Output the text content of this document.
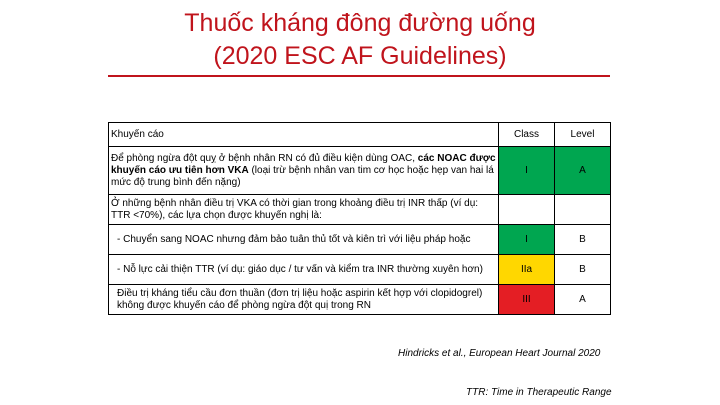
Thuốc kháng đông đường uống
(2020 ESC AF Guidelines)
Khuyến cáo	Class	Level
Để phòng ngừa đột quỵ ở bệnh nhân RN có đủ điều kiện dùng OAC, các NOAC được khuyến cáo ưu tiên hơn VKA (loại trừ bệnh nhân van tim cơ học hoặc hẹp van hai lá mức độ trung bình đến nặng)	I	A
Ở những bệnh nhân điều trị VKA có thời gian trong khoảng điều trị INR thấp (ví dụ: TTR <70%), các lựa chọn được khuyến nghị là:		
- Chuyển sang NOAC nhưng đảm bảo tuân thủ tốt và kiên trì với liệu pháp hoặc	I	B
- Nỗ lực cải thiện TTR (ví dụ: giáo dục / tư vấn và kiểm tra INR thường xuyên hơn)	IIa	B
Điều trị kháng tiểu cầu đơn thuần (đơn trị liệu hoặc aspirin kết hợp với clopidogrel) không được khuyến cáo để phòng ngừa đột quị trong RN	III	A
Hindricks et al., European Heart Journal 2020
TTR: Time in Therapeutic Range
